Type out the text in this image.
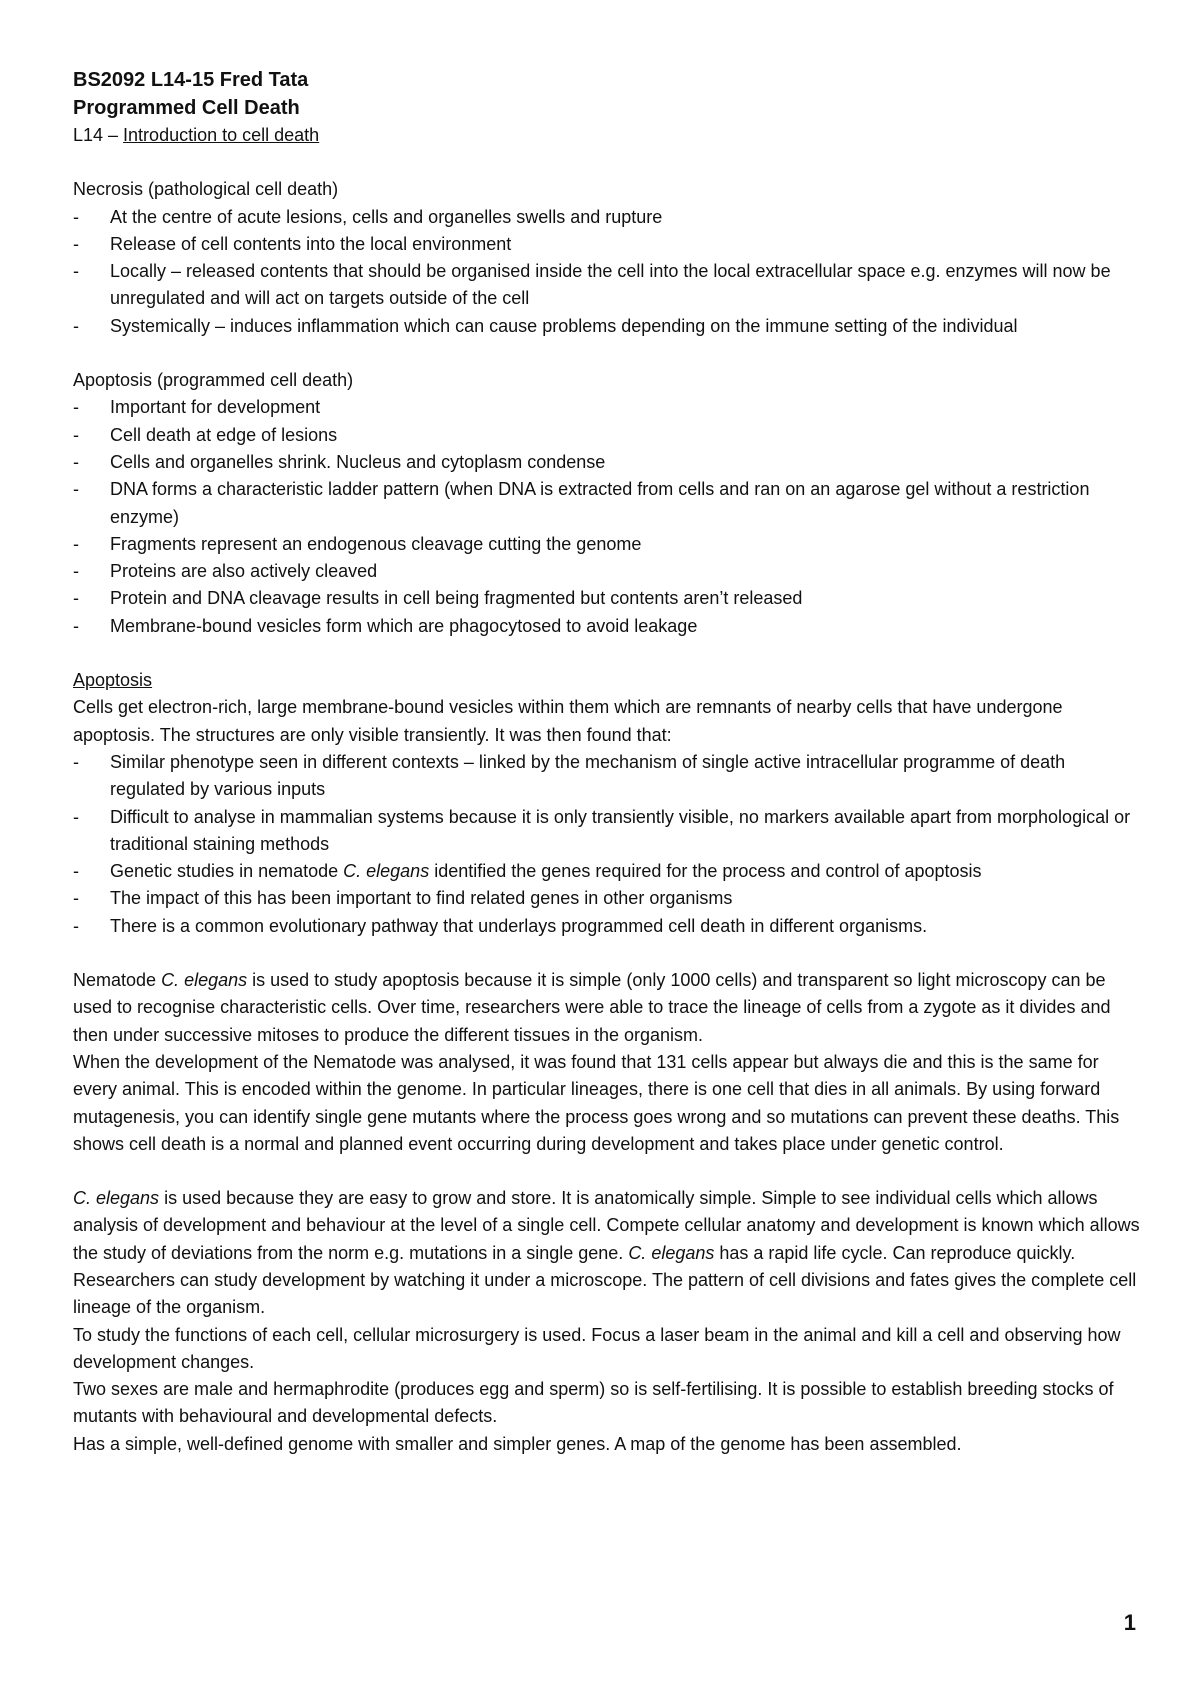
BS2092 L14-15 Fred Tata

Programmed Cell Death

L14 – Introduction to cell death

Necrosis (pathological cell death)

- At the centre of acute lesions, cells and organelles swells and rupture

- Release of cell contents into the local environment

- Locally – released contents that should be organised inside the cell into the local extracellular space e.g. enzymes will now be unregulated and will act on targets outside of the cell

- Systemically – induces inflammation which can cause problems depending on the immune setting of the individual

Apoptosis (programmed cell death)

- Important for development

- Cell death at edge of lesions

- Cells and organelles shrink. Nucleus and cytoplasm condense

- DNA forms a characteristic ladder pattern (when DNA is extracted from cells and ran on an agarose gel without a restriction enzyme)

- Fragments represent an endogenous cleavage cutting the genome

- Proteins are also actively cleaved

- Protein and DNA cleavage results in cell being fragmented but contents aren’t released

- Membrane-bound vesicles form which are phagocytosed to avoid leakage

Apoptosis

Cells get electron-rich, large membrane-bound vesicles within them which are remnants of nearby cells that have undergone apoptosis. The structures are only visible transiently. It was then found that:

- Similar phenotype seen in different contexts – linked by the mechanism of single active intracellular programme of death regulated by various inputs

- Difficult to analyse in mammalian systems because it is only transiently visible, no markers available apart from morphological or traditional staining methods

- Genetic studies in nematode C. elegans identified the genes required for the process and control of apoptosis

- The impact of this has been important to find related genes in other organisms

- There is a common evolutionary pathway that underlays programmed cell death in different organisms.

Nematode C. elegans is used to study apoptosis because it is simple (only 1000 cells) and transparent so light microscopy can be used to recognise characteristic cells. Over time, researchers were able to trace the lineage of cells from a zygote as it divides and then under successive mitoses to produce the different tissues in the organism.

When the development of the Nematode was analysed, it was found that 131 cells appear but always die and this is the same for every animal. This is encoded within the genome. In particular lineages, there is one cell that dies in all animals. By using forward mutagenesis, you can identify single gene mutants where the process goes wrong and so mutations can prevent these deaths. This shows cell death is a normal and planned event occurring during development and takes place under genetic control.

C. elegans is used because they are easy to grow and store. It is anatomically simple. Simple to see individual cells which allows analysis of development and behaviour at the level of a single cell. Compete cellular anatomy and development is known which allows the study of deviations from the norm e.g. mutations in a single gene. C. elegans has a rapid life cycle. Can reproduce quickly.

Researchers can study development by watching it under a microscope. The pattern of cell divisions and fates gives the complete cell lineage of the organism.

To study the functions of each cell, cellular microsurgery is used. Focus a laser beam in the animal and kill a cell and observing how development changes.

Two sexes are male and hermaphrodite (produces egg and sperm) so is self-fertilising. It is possible to establish breeding stocks of mutants with behavioural and developmental defects.

Has a simple, well-defined genome with smaller and simpler genes. A map of the genome has been assembled.

1
